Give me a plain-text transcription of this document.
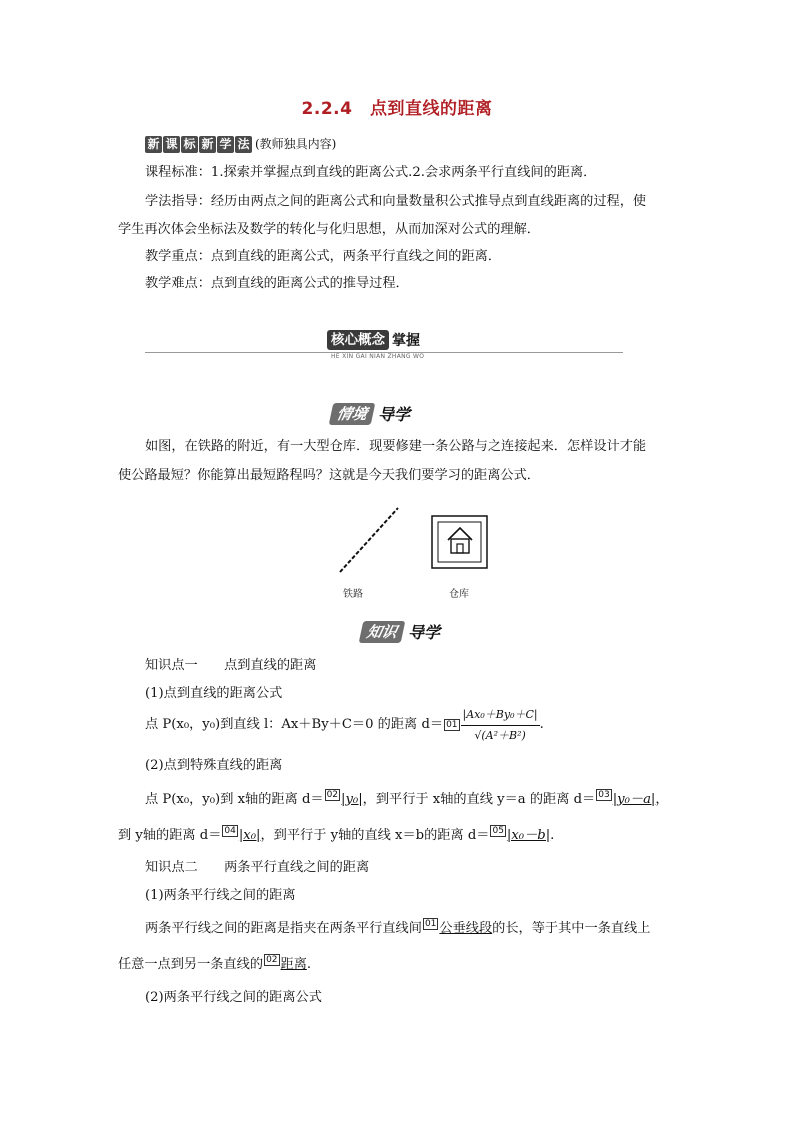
2.2.4　点到直线的距离
新 课 标 新 学 法 (教师独具内容)
课程标准：1.探索并掌握点到直线的距离公式.2.会求两条平行直线间的距离．
学法指导：经历由两点之间的距离公式和向量数量积公式推导点到直线距离的过程，使
学生再次体会坐标法及数学的转化与化归思想，从而加深对公式的理解．
教学重点：点到直线的距离公式，两条平行直线之间的距离．
教学难点：点到直线的距离公式的推导过程．
核心概念 掌握
HE XIN GAI NIAN ZHANG WO
情境 导学
如图，在铁路的附近，有一大型仓库．现要修建一条公路与之连接起来．怎样设计才能
使公路最短？你能算出最短路程吗？这就是今天我们要学习的距离公式．
铁路	仓库
知识 导学
知识点一　　点到直线的距离
(1)点到直线的距离公式
点 P(x₀，y₀)到直线 l：Ax＋By＋C＝0 的距离 $d= 01 \frac{\text{|Ax₀＋By₀＋C|}}{\text{√(A²＋B²)}}$ .
(2)点到特殊直线的距离
点 P(x₀，y₀)到 x轴的距离 d＝ 02 |y₀|，到平行于 x轴的直线 y＝a 的距离 d＝ 03 |y₀－a|，
到 y轴的距离 d＝ 04 |x₀|，到平行于 y轴的直线 x＝b的距离 d＝ 05 |x₀－b|.
知识点二　　两条平行直线之间的距离
(1)两条平行线之间的距离
两条平行线之间的距离是指夹在两条平行直线间 01 公垂线段的长，等于其中一条直线上
任意一点到另一条直线的 02 距离.
(2)两条平行线之间的距离公式
